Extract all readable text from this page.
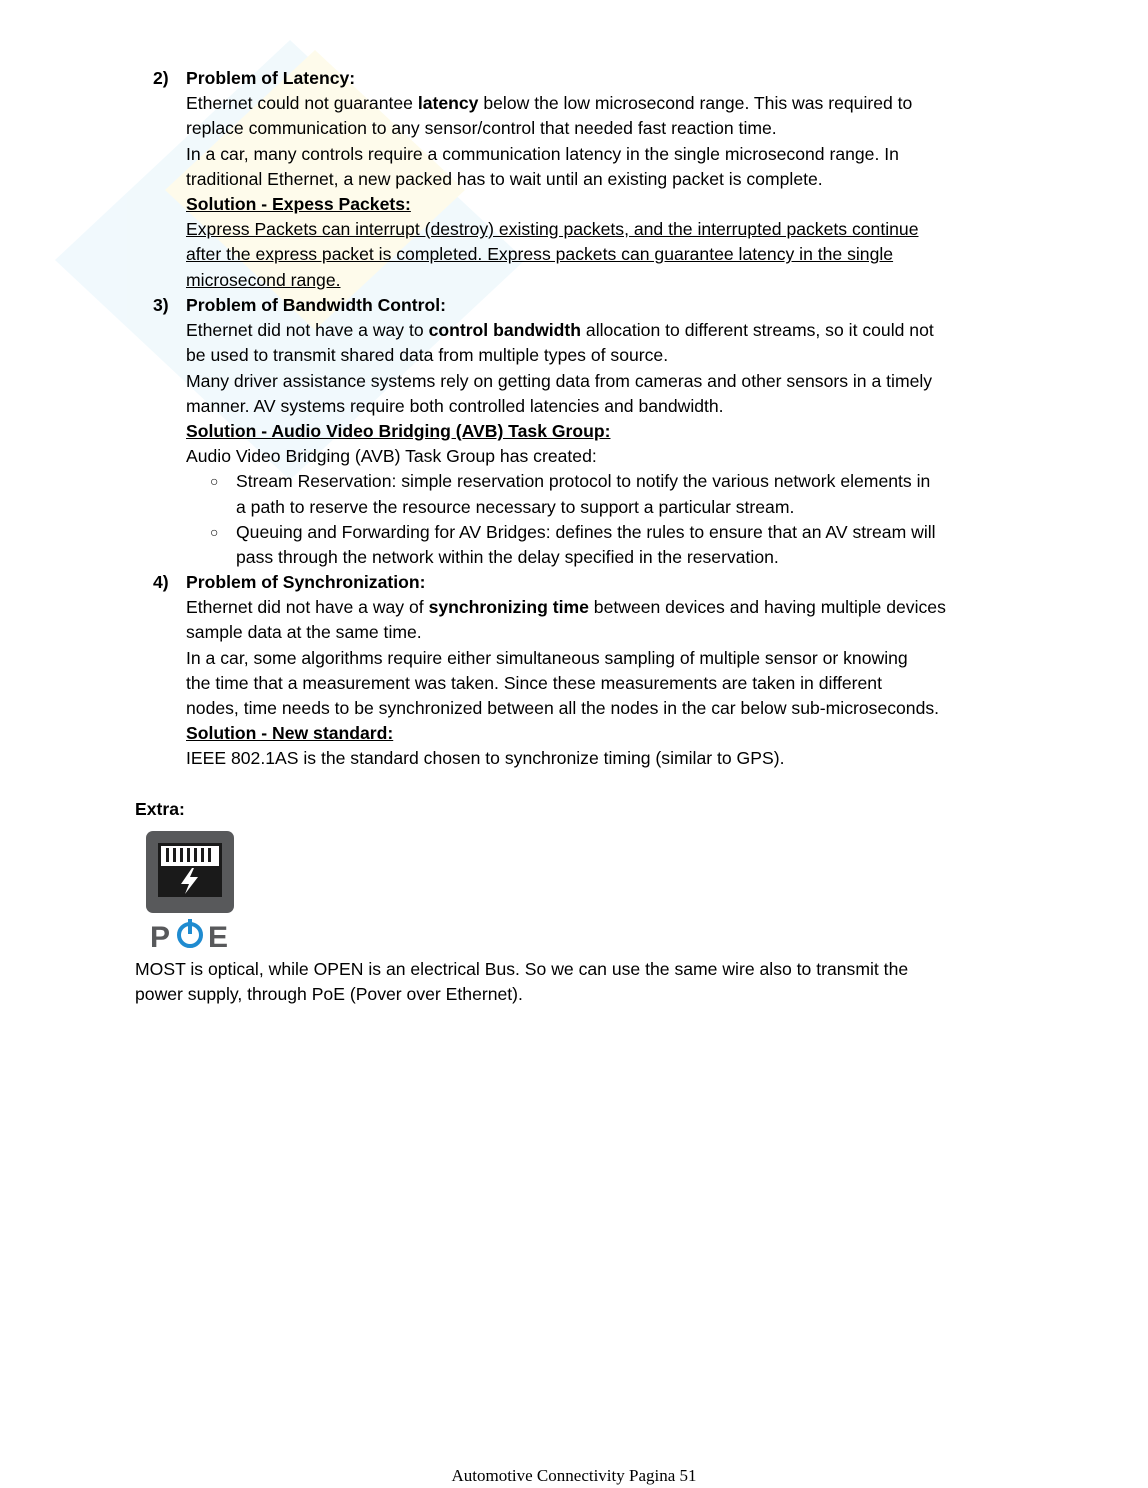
2) Problem of Latency:
Ethernet could not guarantee latency below the low microsecond range. This was required to
replace communication to any sensor/control that needed fast reaction time.
In a car, many controls require a communication latency in the single microsecond range. In
traditional Ethernet, a new packed has to wait until an existing packet is complete.
Solution - Expess Packets:
Express Packets can interrupt (destroy) existing packets, and the interrupted packets continue
after the express packet is completed. Express packets can guarantee latency in the single
microsecond range.
3) Problem of Bandwidth Control:
Ethernet did not have a way to control bandwidth allocation to different streams, so it could not
be used to transmit shared data from multiple types of source.
Many driver assistance systems rely on getting data from cameras and other sensors in a timely
manner. AV systems require both controlled latencies and bandwidth.
Solution - Audio Video Bridging (AVB) Task Group:
Audio Video Bridging (AVB) Task Group has created:
○ Stream Reservation: simple reservation protocol to notify the various network elements in
a path to reserve the resource necessary to support a particular stream.
○ Queuing and Forwarding for AV Bridges: defines the rules to ensure that an AV stream will
pass through the network within the delay specified in the reservation.
4) Problem of Synchronization:
Ethernet did not have a way of synchronizing time between devices and having multiple devices
sample data at the same time.
In a car, some algorithms require either simultaneous sampling of multiple sensor or knowing
the time that a measurement was taken. Since these measurements are taken in different
nodes, time needs to be synchronized between all the nodes in the car below sub-microseconds.
Solution - New standard:
IEEE 802.1AS is the standard chosen to synchronize timing (similar to GPS).
Extra:
P E
MOST is optical, while OPEN is an electrical Bus. So we can use the same wire also to transmit the
power supply, through PoE (Pover over Ethernet).
Automotive Connectivity Pagina 51
